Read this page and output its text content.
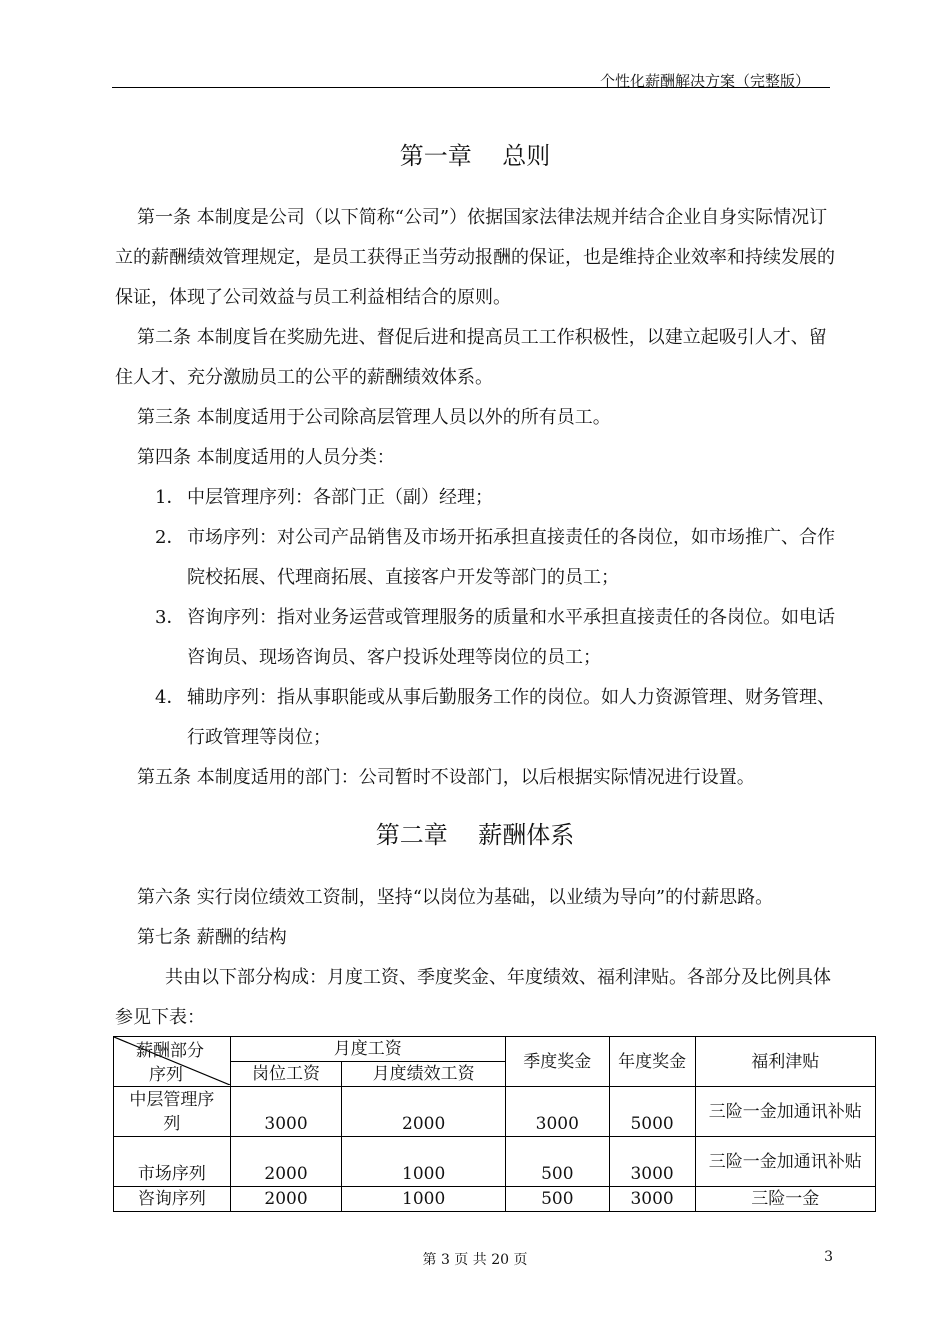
个性化薪酬解决方案（完整版）
第一章    总则

第一条 本制度是公司（以下简称“公司”）依据国家法律法规并结合企业自身实际情况订立的薪酬绩效管理规定，是员工获得正当劳动报酬的保证，也是维持企业效率和持续发展的保证，体现了公司效益与员工利益相结合的原则。

第二条 本制度旨在奖励先进、督促后进和提高员工工作积极性，以建立起吸引人才、留住人才、充分激励员工的公平的薪酬绩效体系。

第三条 本制度适用于公司除高层管理人员以外的所有员工。

第四条 本制度适用的人员分类：

1． 中层管理序列：各部门正（副）经理；

2． 市场序列：对公司产品销售及市场开拓承担直接责任的各岗位，如市场推广、合作院校拓展、代理商拓展、直接客户开发等部门的员工；

3． 咨询序列：指对业务运营或管理服务的质量和水平承担直接责任的各岗位。如电话咨询员、现场咨询员、客户投诉处理等岗位的员工；

4． 辅助序列：指从事职能或从事后勤服务工作的岗位。如人力资源管理、财务管理、行政管理等岗位；

第五条 本制度适用的部门：公司暂时不设部门，以后根据实际情况进行设置。

第二章    薪酬体系

第六条 实行岗位绩效工资制，坚持“以岗位为基础，以业绩为导向”的付薪思路。

第七条 薪酬的结构

共由以下部分构成：月度工资、季度奖金、年度绩效、福利津贴。各部分及比例具体参见下表：

薪酬部分
序列	月度工资		季度奖金	年度奖金	福利津贴
	岗位工资	月度绩效工资			
中层管理序列	3000	2000	3000	5000	三险一金加通讯补贴
市场序列	2000	1000	500	3000	三险一金加通讯补贴
咨询序列	2000	1000	500	3000	三险一金
第 3 页 共 20 页	3
